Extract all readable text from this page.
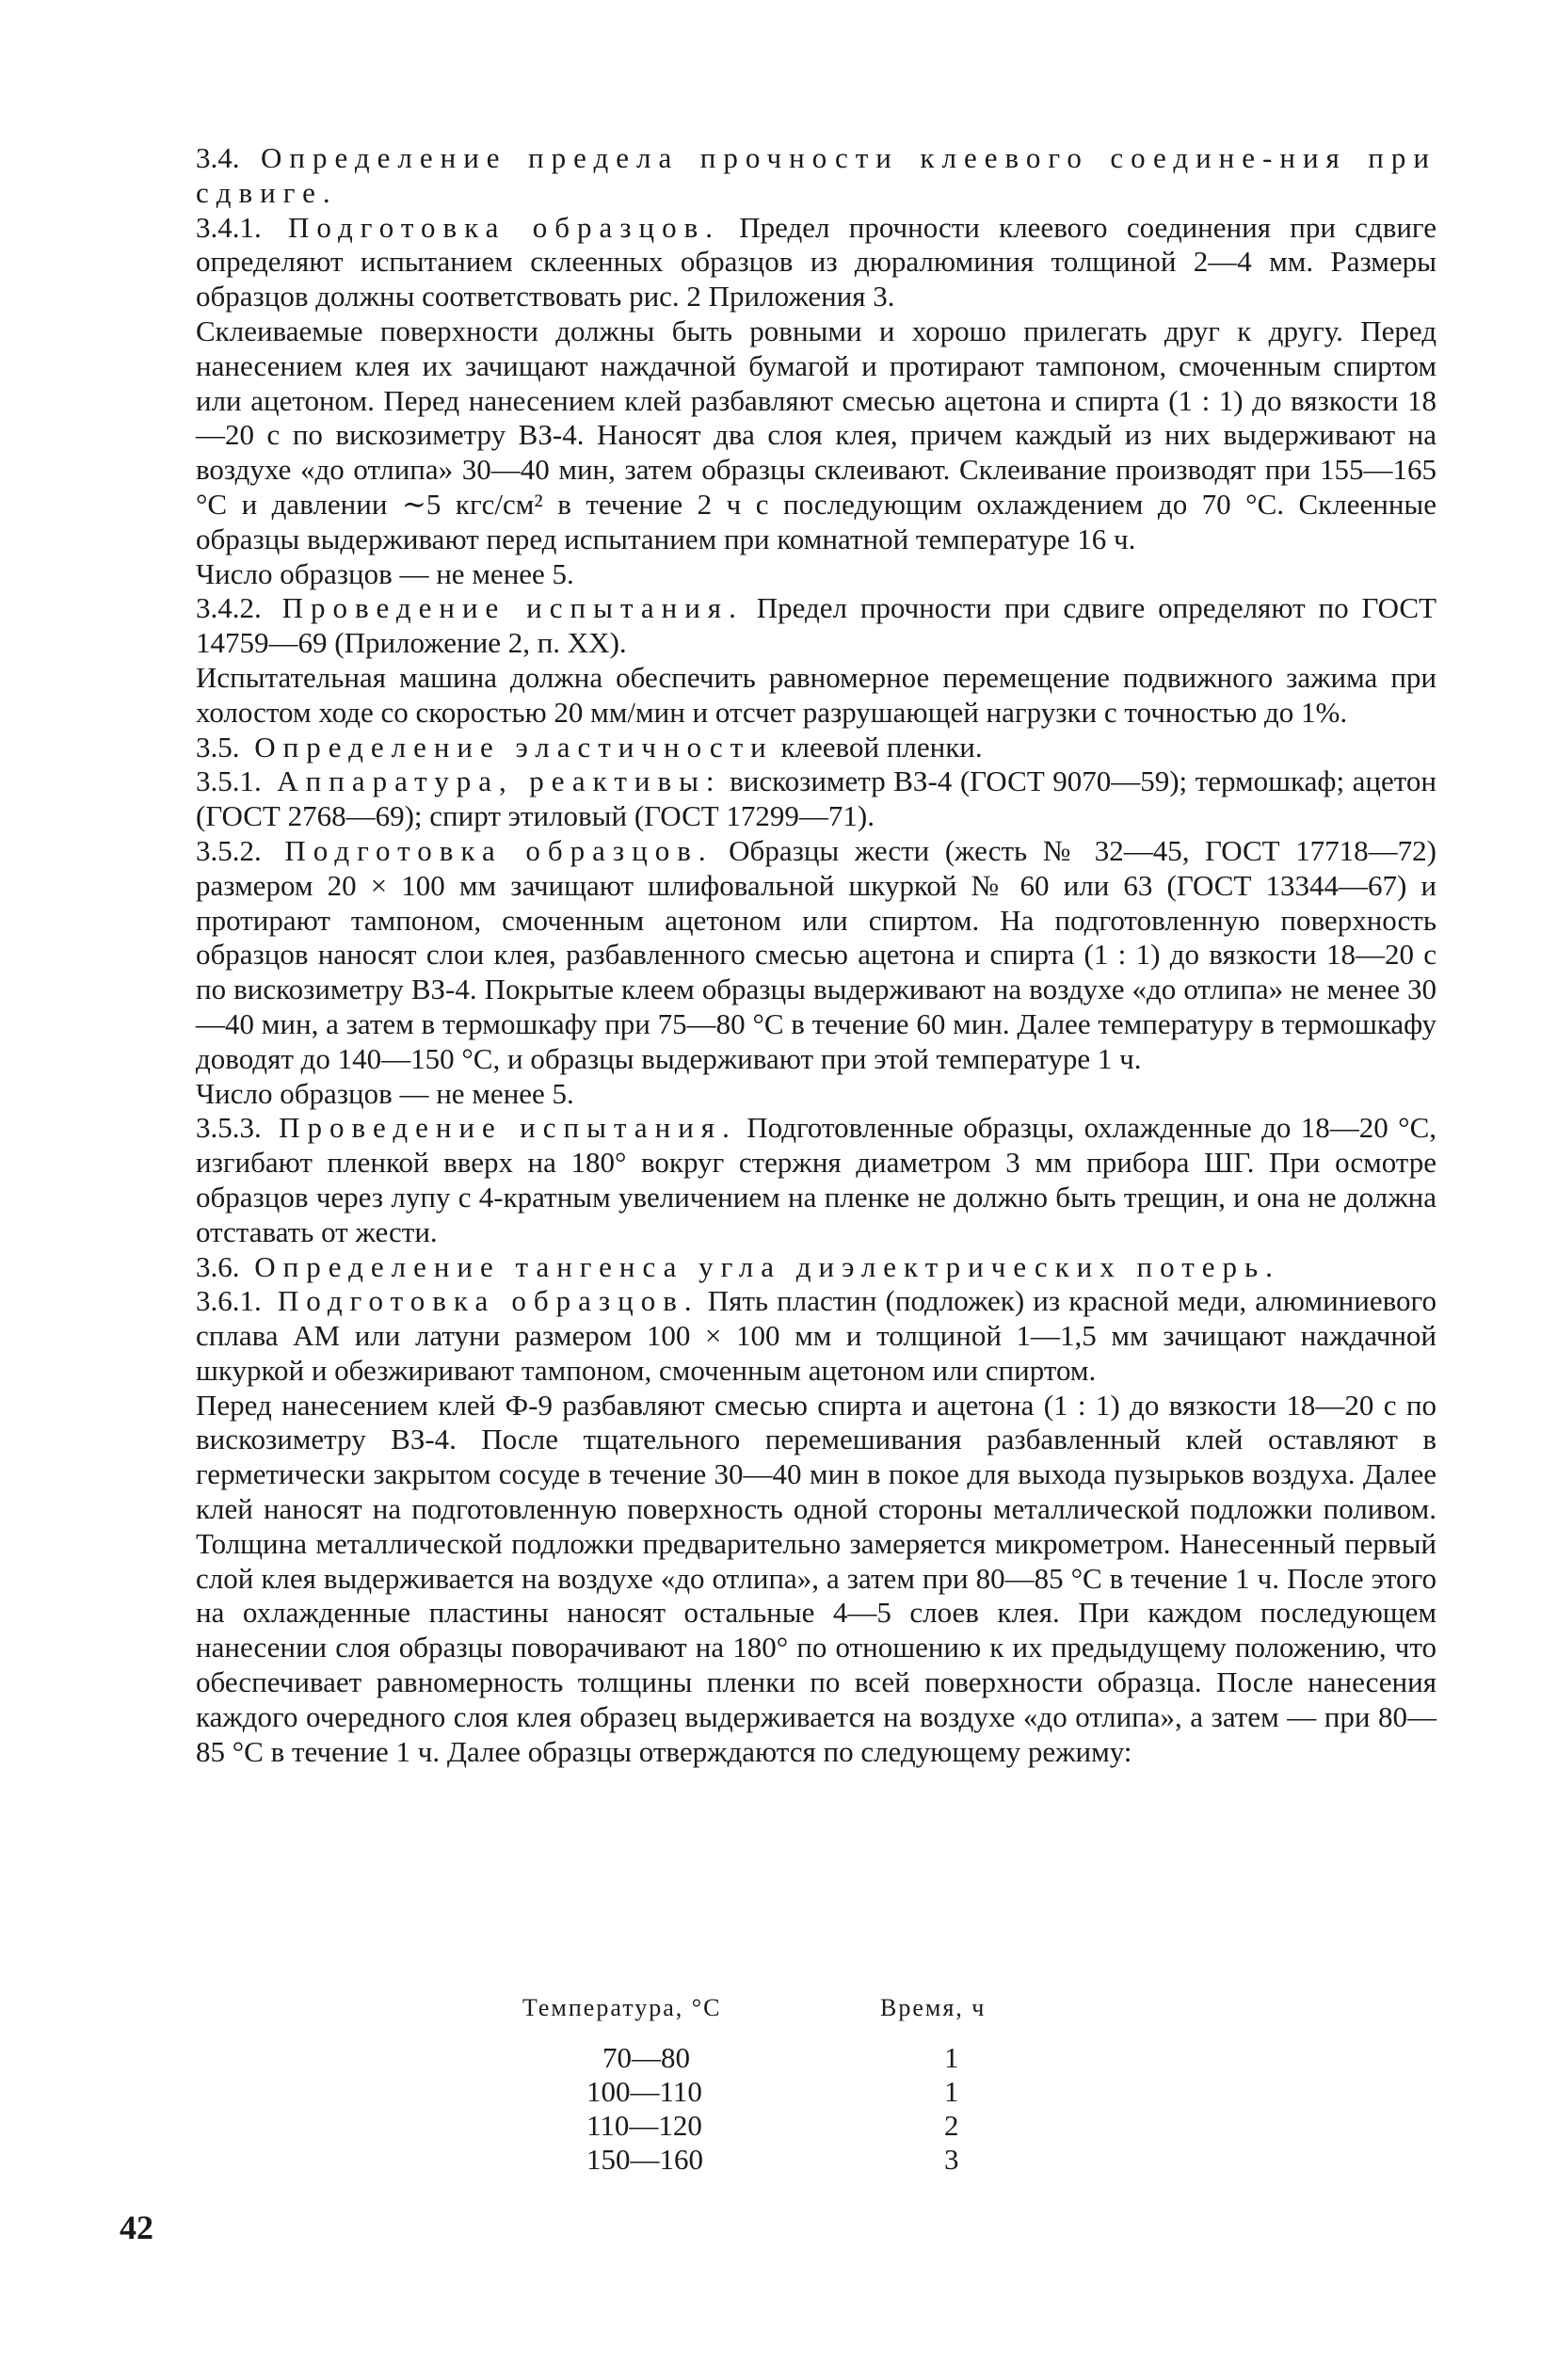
3.4. Определение предела прочности клеевого соедине-ния при сдвиге.

3.4.1. Подготовка образцов. Предел прочности клеевого соединения при сдвиге определяют испытанием склеенных образцов из дюралюминия толщиной 2—4 мм. Размеры образцов должны соответствовать рис. 2 Приложения 3.

Склеиваемые поверхности должны быть ровными и хорошо прилегать друг к другу. Перед нанесением клея их зачищают наждачной бумагой и протирают тампоном, смоченным спиртом или ацетоном. Перед нанесением клей разбавляют смесью ацетона и спирта (1 : 1) до вязкости 18—20 с по вискозиметру ВЗ-4. Наносят два слоя клея, причем каждый из них выдерживают на воздухе «до отлипа» 30—40 мин, затем образцы склеивают. Склеивание производят при 155—165 °С и давлении ∼5 кгс/см² в течение 2 ч с последующим охлаждением до 70 °С. Склеенные образцы выдерживают перед испытанием при комнатной температуре 16 ч.

Число образцов — не менее 5.

3.4.2. Проведение испытания. Предел прочности при сдвиге определяют по ГОСТ 14759—69 (Приложение 2, п. XX).

Испытательная машина должна обеспечить равномерное перемещение подвижного зажима при холостом ходе со скоростью 20 мм/мин и отсчет разрушающей нагрузки с точностью до 1%.

3.5. Определение эластичности клеевой пленки.

3.5.1. Аппаратура, реактивы: вискозиметр ВЗ-4 (ГОСТ 9070—59); термошкаф; ацетон (ГОСТ 2768—69); спирт этиловый (ГОСТ 17299—71).

3.5.2. Подготовка образцов. Образцы жести (жесть № 32—45, ГОСТ 17718—72) размером 20 × 100 мм зачищают шлифовальной шкуркой № 60 или 63 (ГОСТ 13344—67) и протирают тампоном, смоченным ацетоном или спиртом. На подготовленную поверхность образцов наносят слои клея, разбавленного смесью ацетона и спирта (1 : 1) до вязкости 18—20 с по вискозиметру ВЗ-4. Покрытые клеем образцы выдерживают на воздухе «до отлипа» не менее 30—40 мин, а затем в термошкафу при 75—80 °С в течение 60 мин. Далее температуру в термошкафу доводят до 140—150 °С, и образцы выдерживают при этой температуре 1 ч.

Число образцов — не менее 5.

3.5.3. Проведение испытания. Подготовленные образцы, охлажденные до 18—20 °С, изгибают пленкой вверх на 180° вокруг стержня диаметром 3 мм прибора ШГ. При осмотре образцов через лупу с 4-кратным увеличением на пленке не должно быть трещин, и она не должна отставать от жести.

3.6. Определение тангенса угла диэлектрических потерь.

3.6.1. Подготовка образцов. Пять пластин (подложек) из красной меди, алюминиевого сплава АМ или латуни размером 100 × 100 мм и толщиной 1—1,5 мм зачищают наждачной шкуркой и обезжиривают тампоном, смоченным ацетоном или спиртом.

Перед нанесением клей Ф-9 разбавляют смесью спирта и ацетона (1 : 1) до вязкости 18—20 с по вискозиметру ВЗ-4. После тщательного перемешивания разбавленный клей оставляют в герметически закрытом сосуде в течение 30—40 мин в покое для выхода пузырьков воздуха. Далее клей наносят на подготовленную поверхность одной стороны металлической подложки поливом. Толщина металлической подложки предварительно замеряется микрометром. Нанесенный первый слой клея выдерживается на воздухе «до отлипа», а затем при 80—85 °С в течение 1 ч. После этого на охлажденные пластины наносят остальные 4—5 слоев клея. При каждом последующем нанесении слоя образцы поворачивают на 180° по отношению к их предыдущему положению, что обеспечивает равномерность толщины пленки по всей поверхности образца. После нанесения каждого очередного слоя клея образец выдерживается на воздухе «до отлипа», а затем — при 80—85 °С в течение 1 ч. Далее образцы отверждаются по следующему режиму:

Температура, °С	Время, ч
70—80	1
100—110	1
110—120	2
150—160	3
42
